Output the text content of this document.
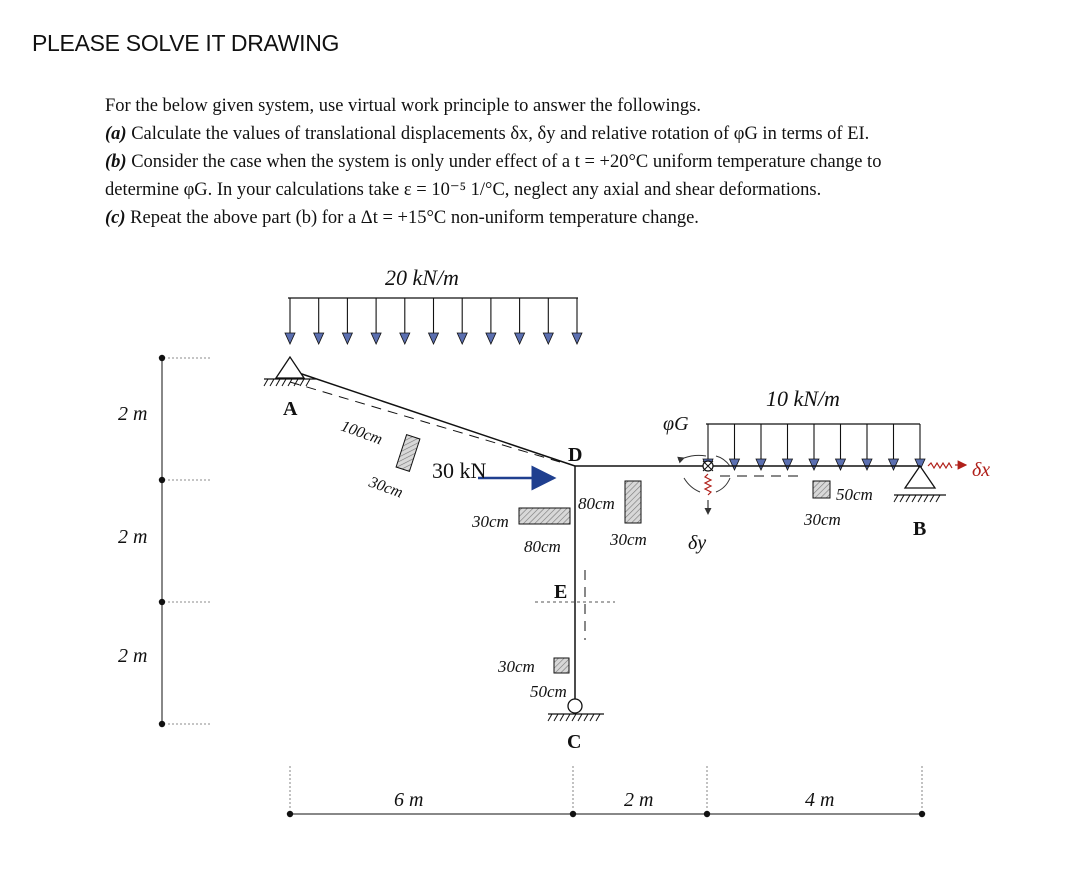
PLEASE SOLVE IT DRAWING

For the below given system, use virtual work principle to answer the followings.

(a) Calculate the values of translational displacements δx, δy and relative rotation of φG in terms of EI.

(b) Consider the case when the system is only under effect of a t = +20°C uniform temperature change to

determine φG. In your calculations take ε = 10⁻⁵ 1/°C, neglect any axial and shear deformations.

(c) Repeat the above part (b) for a Δt = +15°C non-uniform temperature change.

20 kN/m
10 kN/m
A
B
C
D
E
30 kN
100cm
30cm
30cm
80cm
80cm
30cm
30cm
50cm
50cm
30cm
φG
δy
δx
2 m
2 m
2 m
6 m	2 m	4 m
